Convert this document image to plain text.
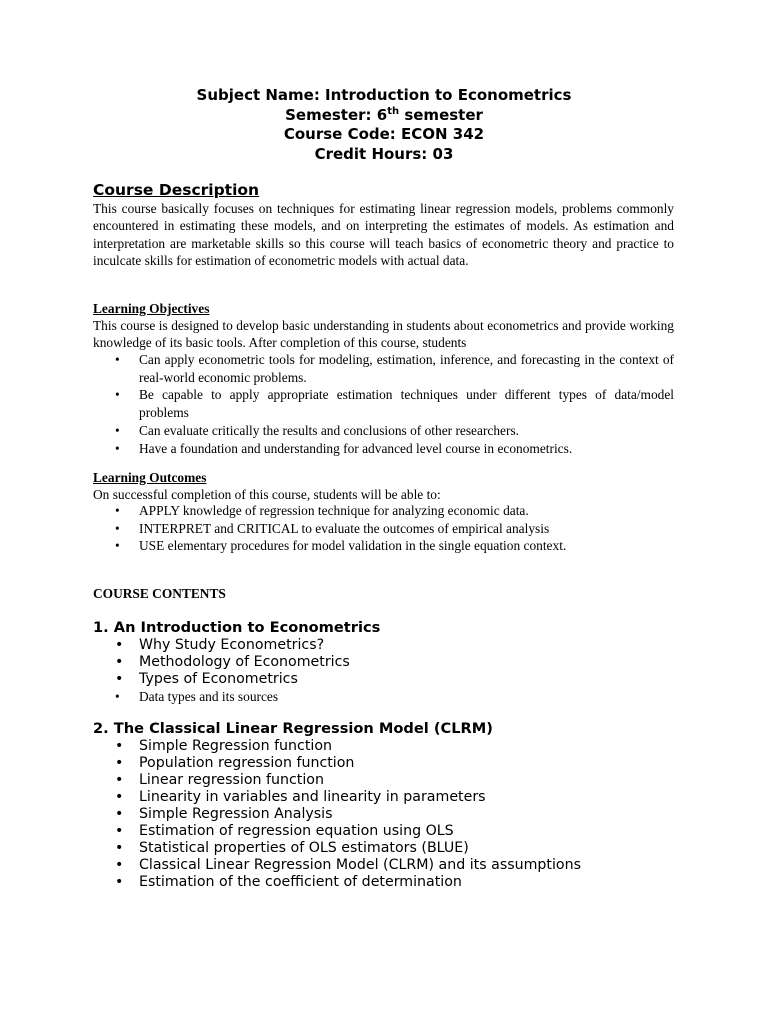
Subject Name: Introduction to Econometrics
Semester: 6th semester
Course Code: ECON 342
Credit Hours: 03
Course Description
This course basically focuses on techniques for estimating linear regression models, problems commonly encountered in estimating these models, and on interpreting the estimates of models. As estimation and interpretation are marketable skills so this course will teach basics of econometric theory and practice to inculcate skills for estimation of econometric models with actual data.
Learning Objectives
This course is designed to develop basic understanding in students about econometrics and provide working knowledge of its basic tools. After completion of this course, students
• Can apply econometric tools for modeling, estimation, inference, and forecasting in the context of real-world economic problems.
• Be capable to apply appropriate estimation techniques under different types of data/model problems
• Can evaluate critically the results and conclusions of other researchers.
• Have a foundation and understanding for advanced level course in econometrics.
Learning Outcomes
On successful completion of this course, students will be able to:
• APPLY knowledge of regression technique for analyzing economic data.
• INTERPRET and CRITICAL to evaluate the outcomes of empirical analysis
• USE elementary procedures for model validation in the single equation context.
COURSE CONTENTS
1. An Introduction to Econometrics
• Why Study Econometrics?
• Methodology of Econometrics
• Types of Econometrics
• Data types and its sources
2. The Classical Linear Regression Model (CLRM)
• Simple Regression function
• Population regression function
• Linear regression function
• Linearity in variables and linearity in parameters
• Simple Regression Analysis
• Estimation of regression equation using OLS
• Statistical properties of OLS estimators (BLUE)
• Classical Linear Regression Model (CLRM) and its assumptions
• Estimation of the coefficient of determination
